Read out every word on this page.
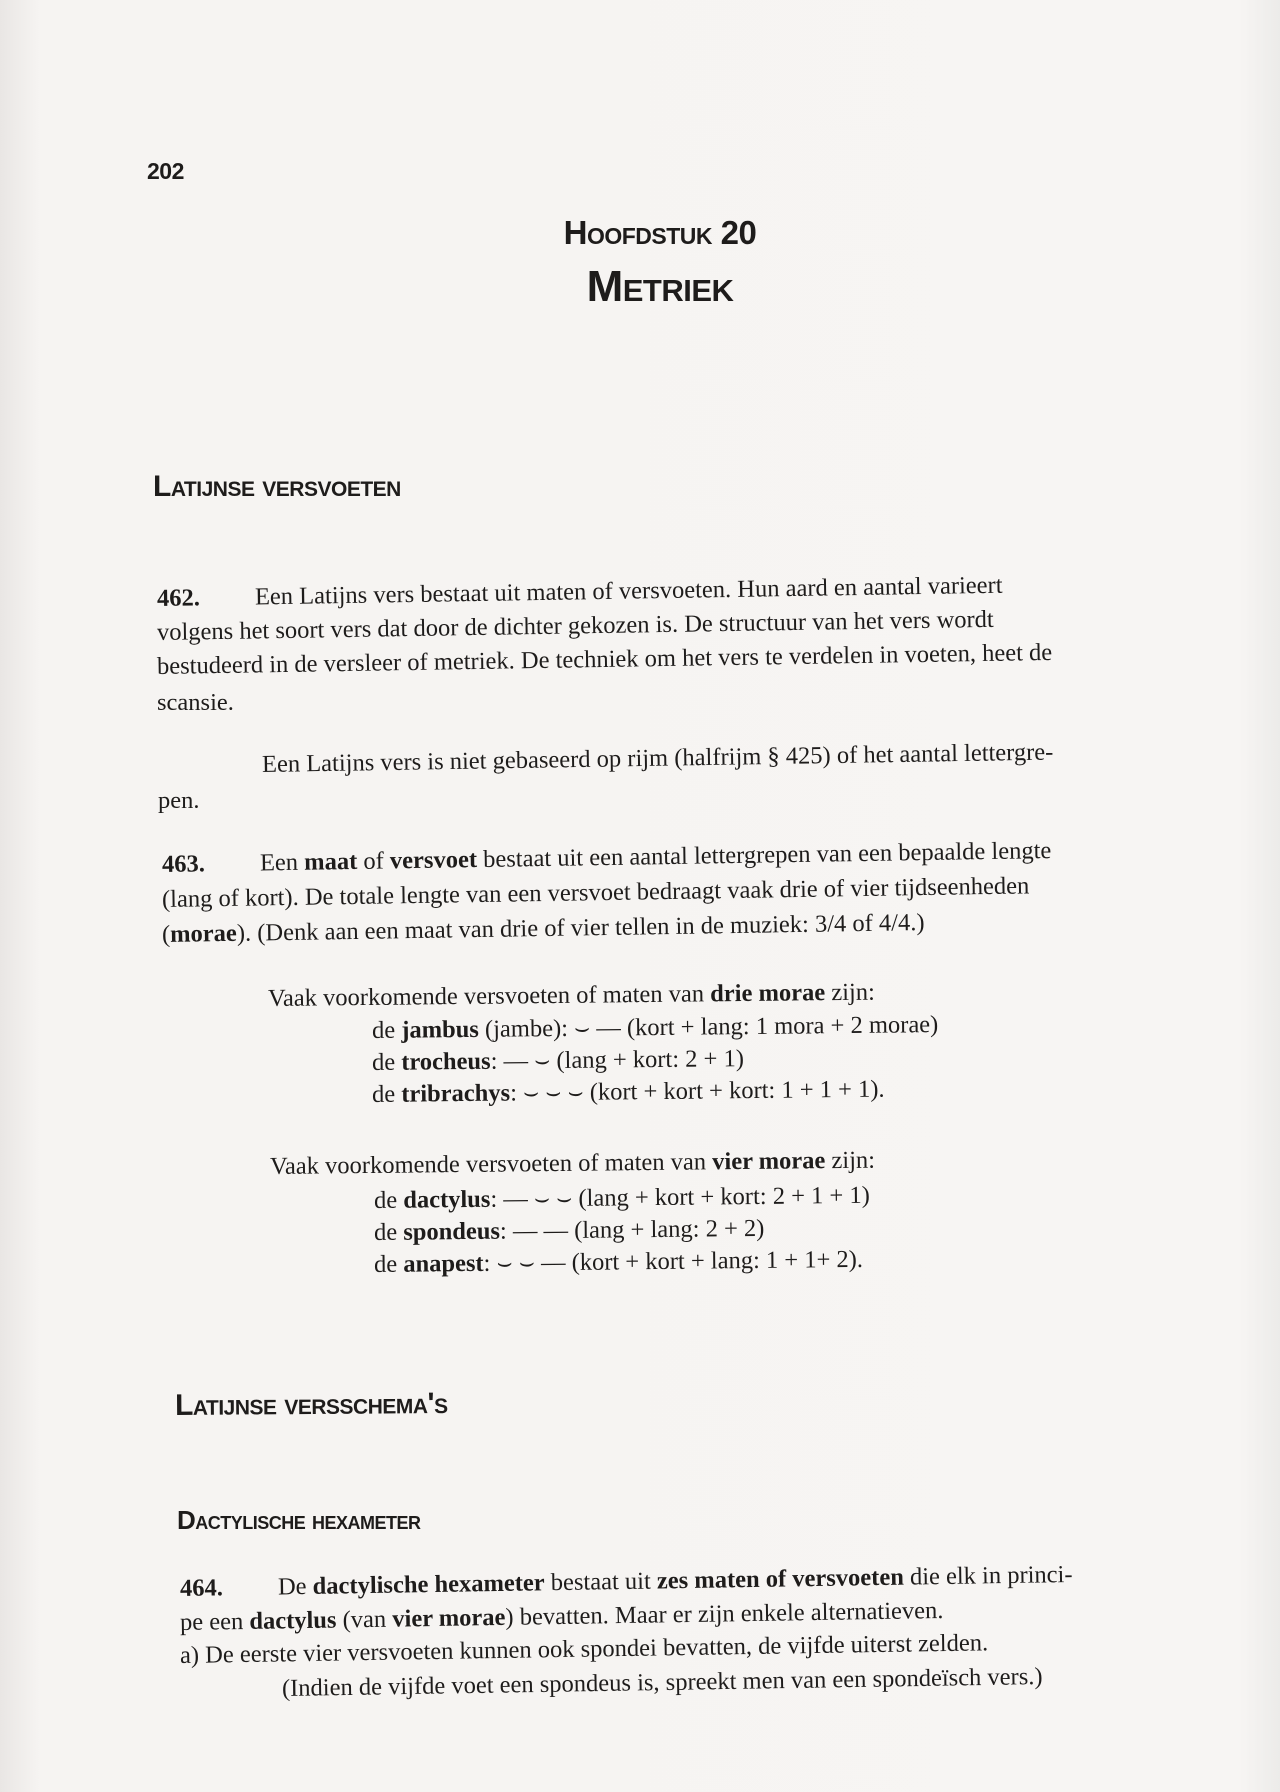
202
Hoofdstuk 20
Metriek
Latijnse versvoeten
462. Een Latijns vers bestaat uit maten of versvoeten. Hun aard en aantal varieert
volgens het soort vers dat door de dichter gekozen is. De structuur van het vers wordt
bestudeerd in de versleer of metriek. De techniek om het vers te verdelen in voeten, heet de
scansie.
Een Latijns vers is niet gebaseerd op rijm (halfrijm § 425) of het aantal lettergre-
pen.
463. Een maat of versvoet bestaat uit een aantal lettergrepen van een bepaalde lengte
(lang of kort). De totale lengte van een versvoet bedraagt vaak drie of vier tijdseenheden
(morae). (Denk aan een maat van drie of vier tellen in de muziek: 3/4 of 4/4.)
Vaak voorkomende versvoeten of maten van drie morae zijn:
de jambus (jambe): ⌣ — (kort + lang: 1 mora + 2 morae)
de trocheus: — ⌣ (lang + kort: 2 + 1)
de tribrachys: ⌣ ⌣ ⌣ (kort + kort + kort: 1 + 1 + 1).
Vaak voorkomende versvoeten of maten van vier morae zijn:
de dactylus: — ⌣ ⌣ (lang + kort + kort: 2 + 1 + 1)
de spondeus: — — (lang + lang: 2 + 2)
de anapest: ⌣ ⌣ — (kort + kort + lang: 1 + 1+ 2).
Latijnse versschema's
Dactylische hexameter
464. De dactylische hexameter bestaat uit zes maten of versvoeten die elk in princi-
pe een dactylus (van vier morae) bevatten. Maar er zijn enkele alternatieven.
a) De eerste vier versvoeten kunnen ook spondei bevatten, de vijfde uiterst zelden.
(Indien de vijfde voet een spondeus is, spreekt men van een spondeïsch vers.)
